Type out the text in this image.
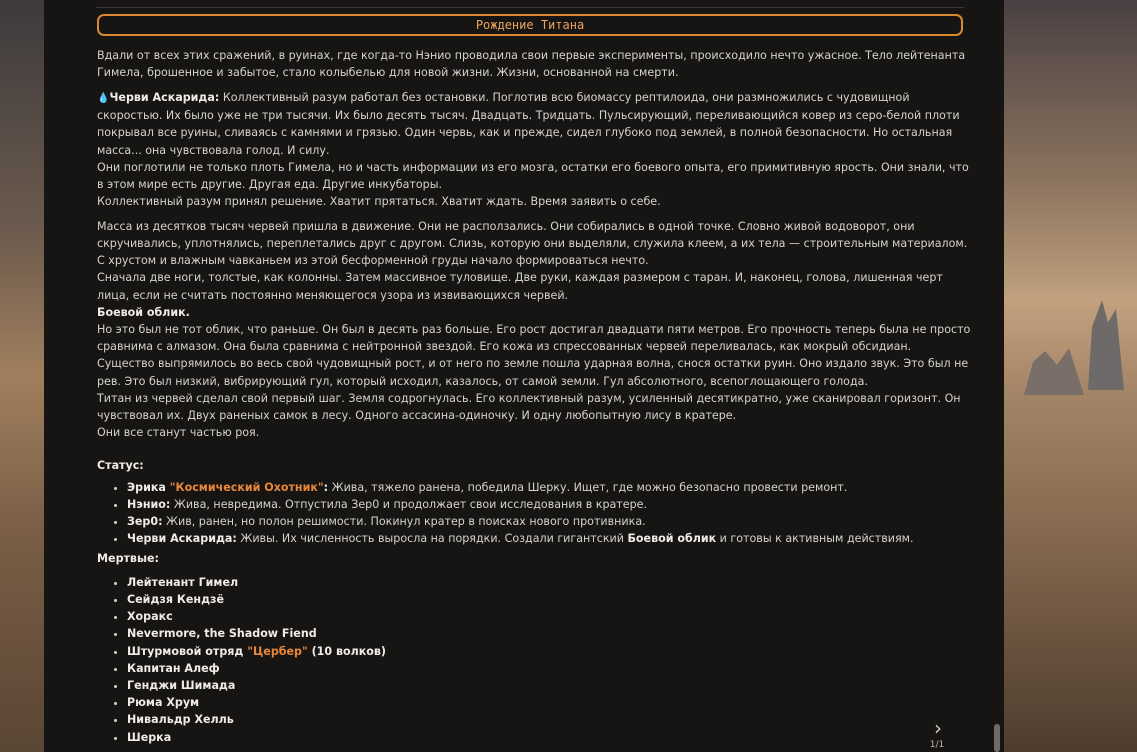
Рождение Титана

Вдали от всех этих сражений, в руинах, где когда-то Нэнио проводила свои первые эксперименты, происходило нечто ужасное. Тело лейтенанта Гимела, брошенное и забытое, стало колыбелью для новой жизни. Жизни, основанной на смерти.

💧Черви Аскарида: Коллективный разум работал без остановки. Поглотив всю биомассу рептилоида, они размножились с чудовищной скоростью. Их было уже не три тысячи. Их было десять тысяч. Двадцать. Тридцать. Пульсирующий, переливающийся ковер из серо-белой плоти покрывал все руины, сливаясь с камнями и грязью. Один червь, как и прежде, сидел глубоко под землей, в полной безопасности. Но остальная масса... она чувствовала голод. И силу.
Они поглотили не только плоть Гимела, но и часть информации из его мозга, остатки его боевого опыта, его примитивную ярость. Они знали, что в этом мире есть другие. Другая еда. Другие инкубаторы.
Коллективный разум принял решение. Хватит прятаться. Хватит ждать. Время заявить о себе.

Масса из десятков тысяч червей пришла в движение. Они не расползались. Они собирались в одной точке. Словно живой водоворот, они скручивались, уплотнялись, переплетались друг с другом. Слизь, которую они выделяли, служила клеем, а их тела — строительным материалом. С хрустом и влажным чавканьем из этой бесформенной груды начало формироваться нечто.
Сначала две ноги, толстые, как колонны. Затем массивное туловище. Две руки, каждая размером с таран. И, наконец, голова, лишенная черт лица, если не считать постоянно меняющегося узора из извивающихся червей.
Боевой облик.
Но это был не тот облик, что раньше. Он был в десять раз больше. Его рост достигал двадцати пяти метров. Его прочность теперь была не просто сравнима с алмазом. Она была сравнима с нейтронной звездой. Его кожа из спрессованных червей переливалась, как мокрый обсидиан.
Существо выпрямилось во весь свой чудовищный рост, и от него по земле пошла ударная волна, снося остатки руин. Оно издало звук. Это был не рев. Это был низкий, вибрирующий гул, который исходил, казалось, от самой земли. Гул абсолютного, всепоглощающего голода.
Титан из червей сделал свой первый шаг. Земля содрогнулась. Его коллективный разум, усиленный десятикратно, уже сканировал горизонт. Он чувствовал их. Двух раненых самок в лесу. Одного ассасина-одиночку. И одну любопытную лису в кратере.
Они все станут частью роя.

Статус:
• Эрика "Космический Охотник": Жива, тяжело ранена, победила Шерку. Ищет, где можно безопасно провести ремонт.
• Нэнио: Жива, невредима. Отпустила Зер0 и продолжает свои исследования в кратере.
• Зер0: Жив, ранен, но полон решимости. Покинул кратер в поисках нового противника.
• Черви Аскарида: Живы. Их численность выросла на порядки. Создали гигантский Боевой облик и готовы к активным действиям.
Мертвые:
• Лейтенант Гимел
• Сейдзя Кендзё
• Хоракс
• Nevermore, the Shadow Fiend
• Штурмовой отряд "Цербер" (10 волков)
• Капитан Алеф
• Генджи Шимада
• Рюма Хрум
• Нивальдр Хелль
• Шерка	›
1/1
